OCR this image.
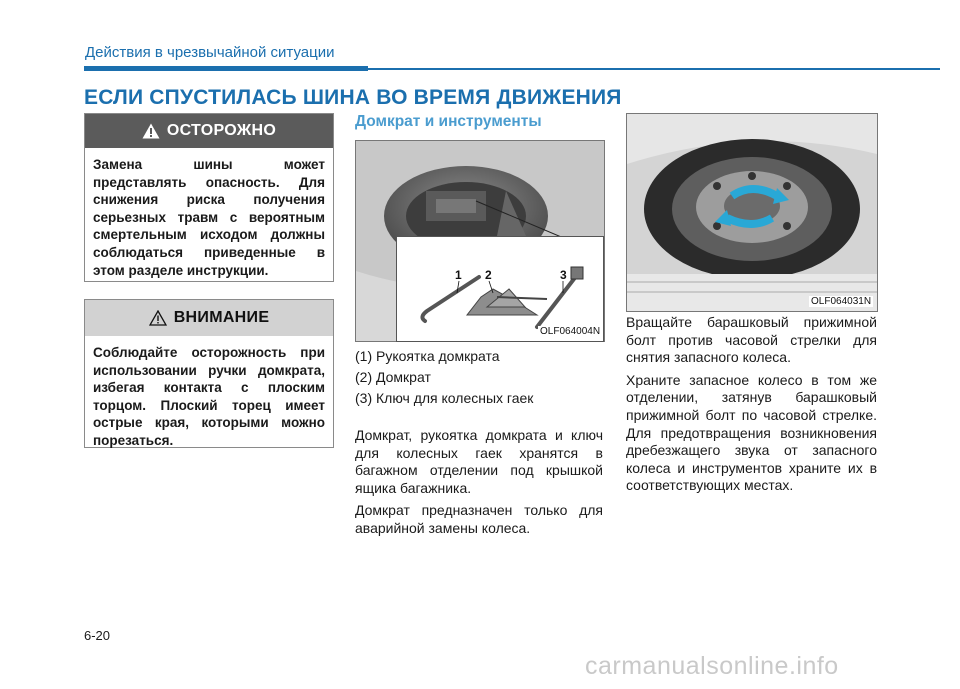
Действия в чрезвычайной ситуации
ЕСЛИ СПУСТИЛАСЬ ШИНА ВО ВРЕМЯ ДВИЖЕНИЯ
ОСТОРОЖНО
Замена шины может представлять опасность. Для снижения риска получения серьезных травм с вероятным смертельным исходом должны соблюдаться приведенные в этом разделе инструкции.
ВНИМАНИЕ
Соблюдайте осторожность при использовании ручки домкрата, избегая контакта с плоским торцом. Плоский торец имеет острые края, которыми можно порезаться.
Домкрат и инструменты
1 2	3
OLF064004N
(1) Рукоятка домкрата
(2) Домкрат
(3) Ключ для колесных гаек

Домкрат, рукоятка домкрата и ключ для колесных гаек хранятся в багажном отделении под крышкой ящика багажника.

Домкрат предназначен только для аварийной замены колеса.

OLF064031N

Вращайте барашковый прижимной болт против часовой стрелки для снятия запасного колеса.

Храните запасное колесо в том же отделении, затянув барашковый прижимной болт по часовой стрелке. Для предотвращения возникновения дребезжащего звука от запасного колеса и инструментов храните их в соответствующих местах.

6-20
carmanualsonline.info
